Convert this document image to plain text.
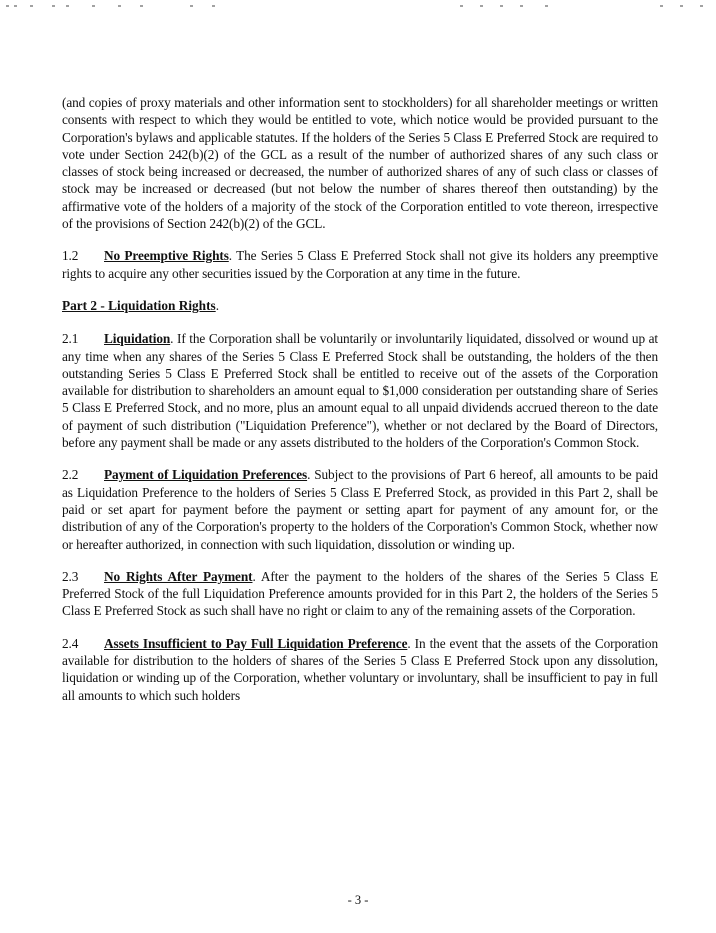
(and copies of proxy materials and other information sent to stockholders) for all shareholder meetings or written consents with respect to which they would be entitled to vote, which notice would be provided pursuant to the Corporation's bylaws and applicable statutes. If the holders of the Series 5 Class E Preferred Stock are required to vote under Section 242(b)(2) of the GCL as a result of the number of authorized shares of any such class or classes of stock being increased or decreased, the number of authorized shares of any of such class or classes of stock may be increased or decreased (but not below the number of shares thereof then outstanding) by the affirmative vote of the holders of a majority of the stock of the Corporation entitled to vote thereon, irrespective of the provisions of Section 242(b)(2) of the GCL.

1.2 No Preemptive Rights. The Series 5 Class E Preferred Stock shall not give its holders any preemptive rights to acquire any other securities issued by the Corporation at any time in the future.

Part 2 - Liquidation Rights.

2.1 Liquidation. If the Corporation shall be voluntarily or involuntarily liquidated, dissolved or wound up at any time when any shares of the Series 5 Class E Preferred Stock shall be outstanding, the holders of the then outstanding Series 5 Class E Preferred Stock shall be entitled to receive out of the assets of the Corporation available for distribution to shareholders an amount equal to $1,000 consideration per outstanding share of Series 5 Class E Preferred Stock, and no more, plus an amount equal to all unpaid dividends accrued thereon to the date of payment of such distribution ("Liquidation Preference"), whether or not declared by the Board of Directors, before any payment shall be made or any assets distributed to the holders of the Corporation's Common Stock.

2.2 Payment of Liquidation Preferences. Subject to the provisions of Part 6 hereof, all amounts to be paid as Liquidation Preference to the holders of Series 5 Class E Preferred Stock, as provided in this Part 2, shall be paid or set apart for payment before the payment or setting apart for payment of any amount for, or the distribution of any of the Corporation's property to the holders of the Corporation's Common Stock, whether now or hereafter authorized, in connection with such liquidation, dissolution or winding up.

2.3 No Rights After Payment. After the payment to the holders of the shares of the Series 5 Class E Preferred Stock of the full Liquidation Preference amounts provided for in this Part 2, the holders of the Series 5 Class E Preferred Stock as such shall have no right or claim to any of the remaining assets of the Corporation.

2.4 Assets Insufficient to Pay Full Liquidation Preference. In the event that the assets of the Corporation available for distribution to the holders of shares of the Series 5 Class E Preferred Stock upon any dissolution, liquidation or winding up of the Corporation, whether voluntary or involuntary, shall be insufficient to pay in full all amounts to which such holders

- 3 -
